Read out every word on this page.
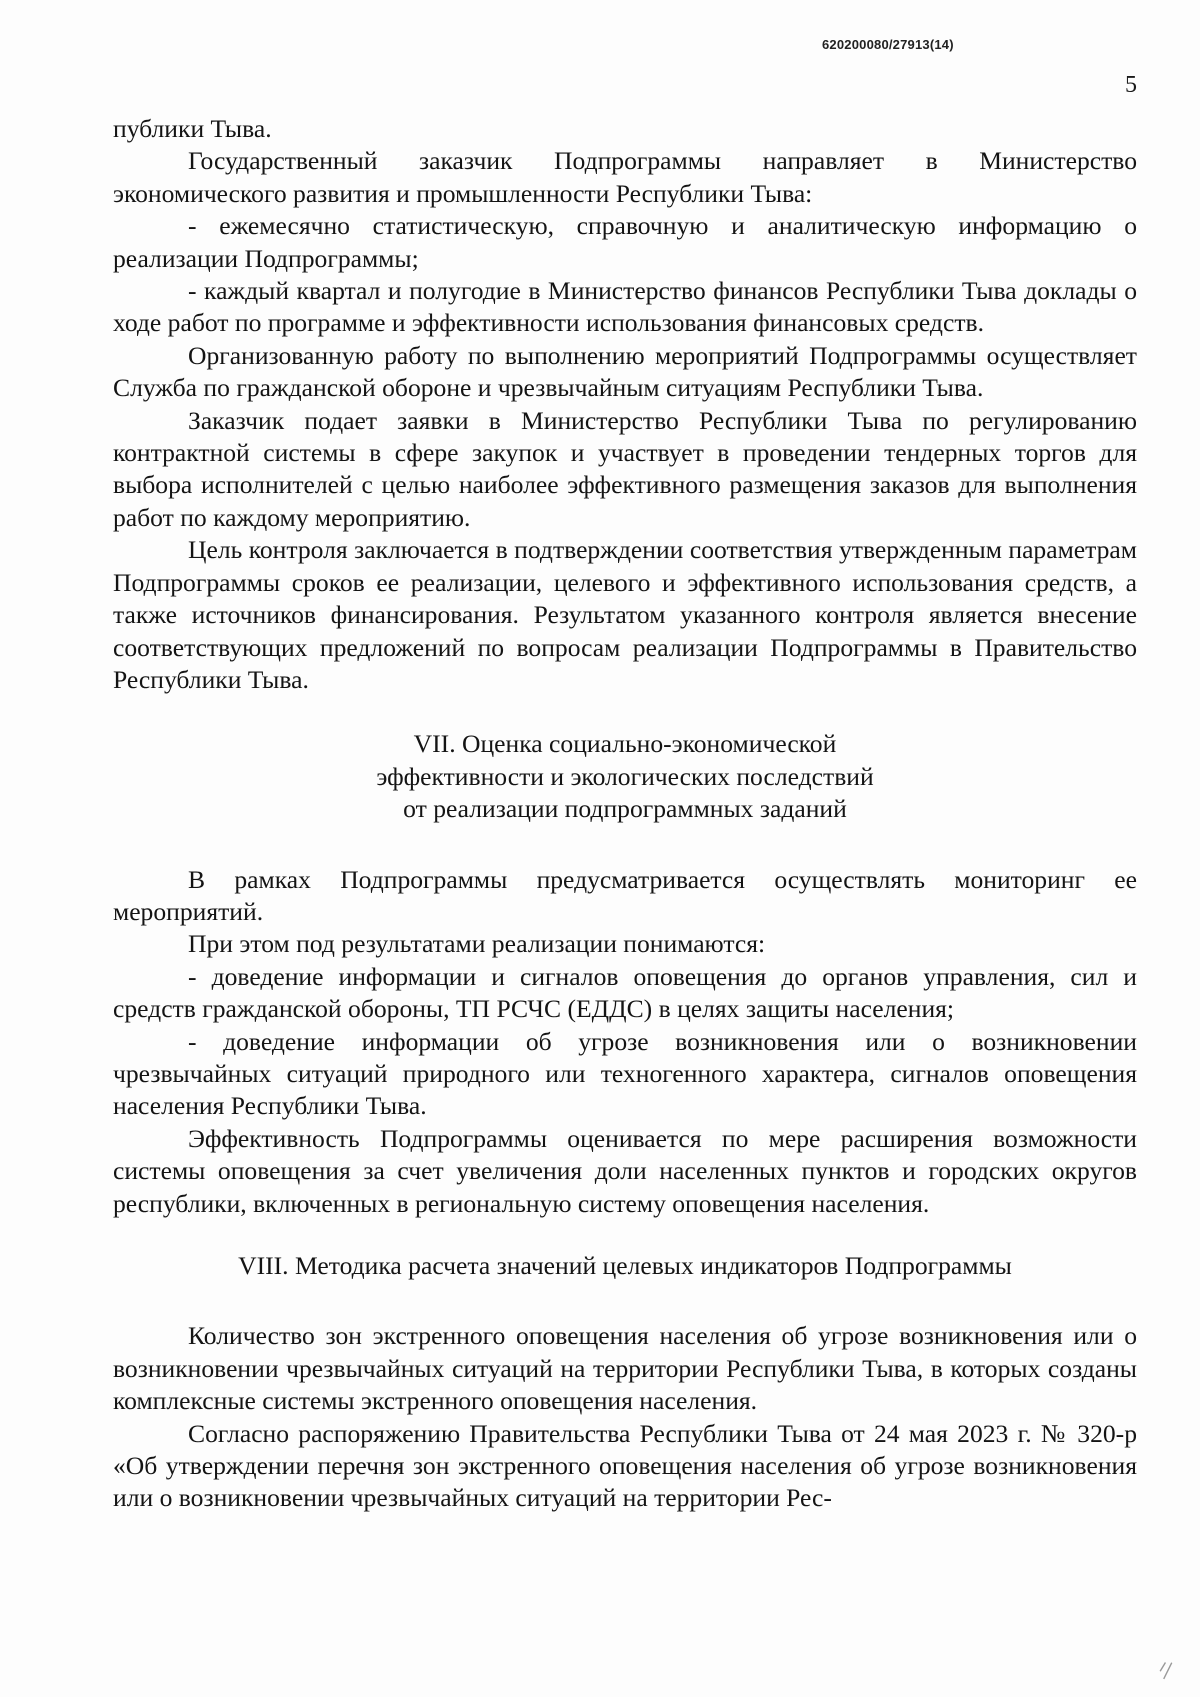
620200080/27913(14)
5

публики Тыва.

Государственный заказчик Подпрограммы направляет в Министерство экономического развития и промышленности Республики Тыва:

- ежемесячно статистическую, справочную и аналитическую информацию о реализации Подпрограммы;

- каждый квартал и полугодие в Министерство финансов Республики Тыва доклады о ходе работ по программе и эффективности использования финансовых средств.

Организованную работу по выполнению мероприятий Подпрограммы осуществляет Служба по гражданской обороне и чрезвычайным ситуациям Республики Тыва.

Заказчик подает заявки в Министерство Республики Тыва по регулированию контрактной системы в сфере закупок и участвует в проведении тендерных торгов для выбора исполнителей с целью наиболее эффективного размещения заказов для выполнения работ по каждому мероприятию.

Цель контроля заключается в подтверждении соответствия утвержденным параметрам Подпрограммы сроков ее реализации, целевого и эффективного использования средств, а также источников финансирования. Результатом указанного контроля является внесение соответствующих предложений по вопросам реализации Подпрограммы в Правительство Республики Тыва.

VII. Оценка социально-экономической
эффективности и экологических последствий
от реализации подпрограммных заданий

В рамках Подпрограммы предусматривается осуществлять мониторинг ее мероприятий.

При этом под результатами реализации понимаются:

- доведение информации и сигналов оповещения до органов управления, сил и средств гражданской обороны, ТП РСЧС (ЕДДС) в целях защиты населения;

- доведение информации об угрозе возникновения или о возникновении чрезвычайных ситуаций природного или техногенного характера, сигналов оповещения населения Республики Тыва.

Эффективность Подпрограммы оценивается по мере расширения возможности системы оповещения за счет увеличения доли населенных пунктов и городских округов республики, включенных в региональную систему оповещения населения.

VIII. Методика расчета значений целевых индикаторов Подпрограммы

Количество зон экстренного оповещения населения об угрозе возникновения или о возникновении чрезвычайных ситуаций на территории Республики Тыва, в которых созданы комплексные системы экстренного оповещения населения.

Согласно распоряжению Правительства Республики Тыва от 24 мая 2023 г. № 320-р «Об утверждении перечня зон экстренного оповещения населения об угрозе возникновения или о возникновении чрезвычайных ситуаций на территории Рес-
